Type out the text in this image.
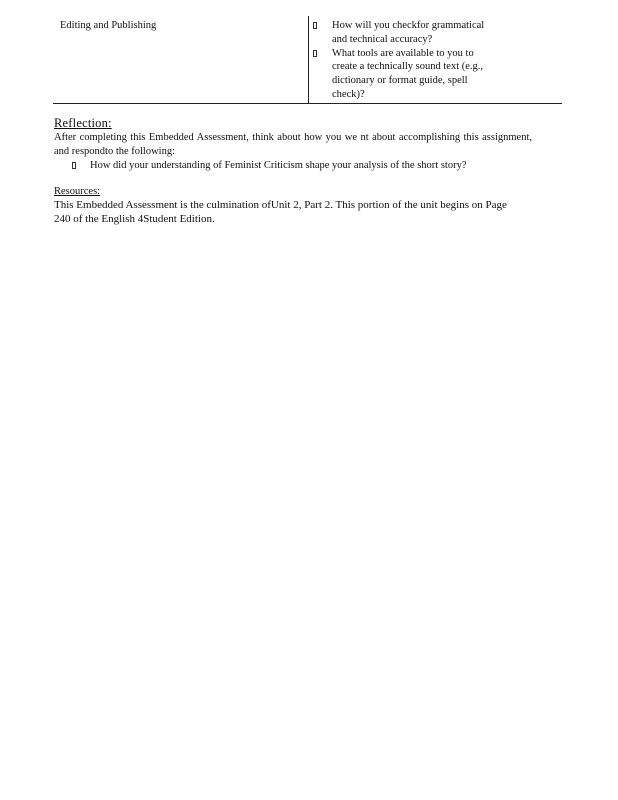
Editing and Publishing	How will you checkfor grammatical and technical accuracy?
What tools are available to you to create a technically sound text (e.g., dictionary or format guide, spell check)?
Reflection:

After completing this Embedded Assessment, think about how you we nt about accomplishing this assignment, and respondto the following:

How did your understanding of Feminist Criticism shape your analysis of the short story?
Resources:

This Embedded Assessment is the culmination ofUnit 2, Part 2. This portion of the unit begins on Page 240 of the English 4Student Edition.
